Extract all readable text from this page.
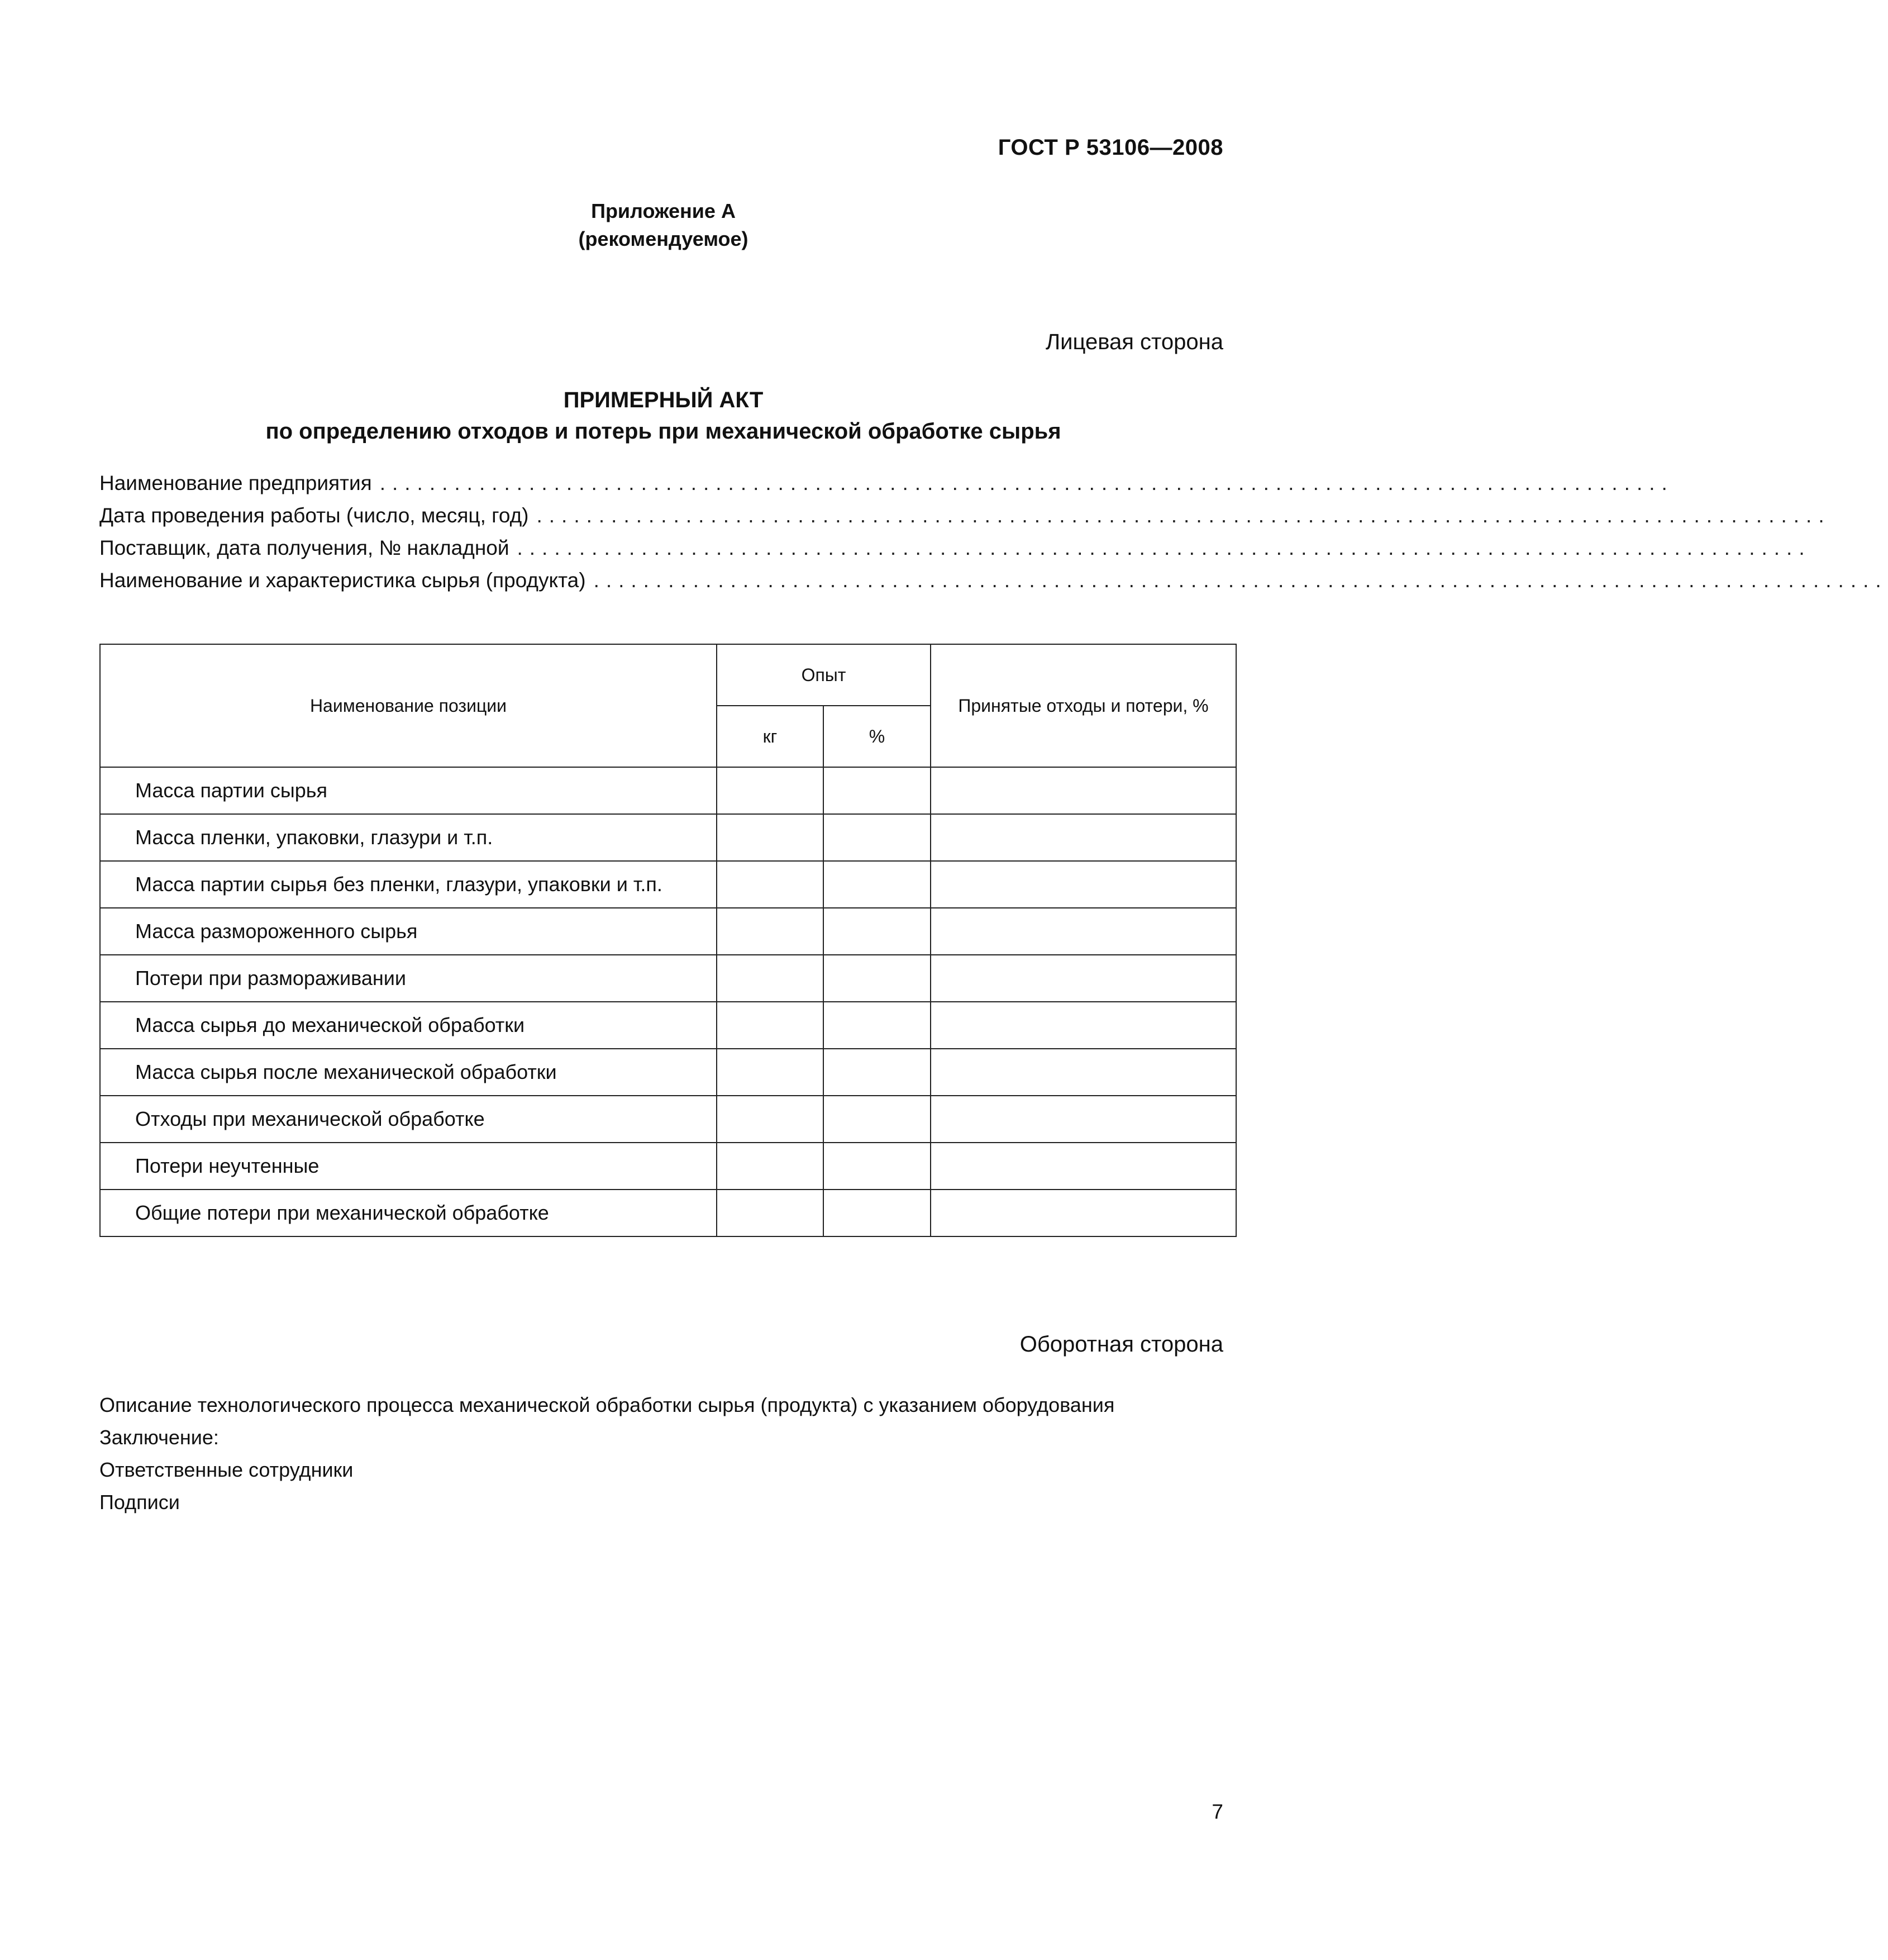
ГОСТ Р 53106—2008
Приложение А
(рекомендуемое)
Лицевая сторона
ПРИМЕРНЫЙ АКТ
по определению отходов и потерь при механической обработке сырья
Наименование предприятия ........................................................................................................
Дата проведения работы (число, месяц, год) ........................................................................................................
Поставщик, дата получения, № накладной ........................................................................................................
Наименование и характеристика сырья (продукта) ........................................................................................................
Наименование позиции	Опыт		Принятые отходы и потери, %
	кг	%	
Масса партии сырья			
Масса пленки, упаковки, глазури и т.п.			
Масса партии сырья без пленки, глазури, упаковки и т.п.			
Масса размороженного сырья			
Потери при размораживании			
Масса сырья до механической обработки			
Масса сырья после механической обработки			
Отходы при механической обработке			
Потери неучтенные			
Общие потери при механической обработке			
Оборотная сторона
Описание технологического процесса механической обработки сырья (продукта) с указанием оборудования
Заключение:
Ответственные сотрудники
Подписи
7
